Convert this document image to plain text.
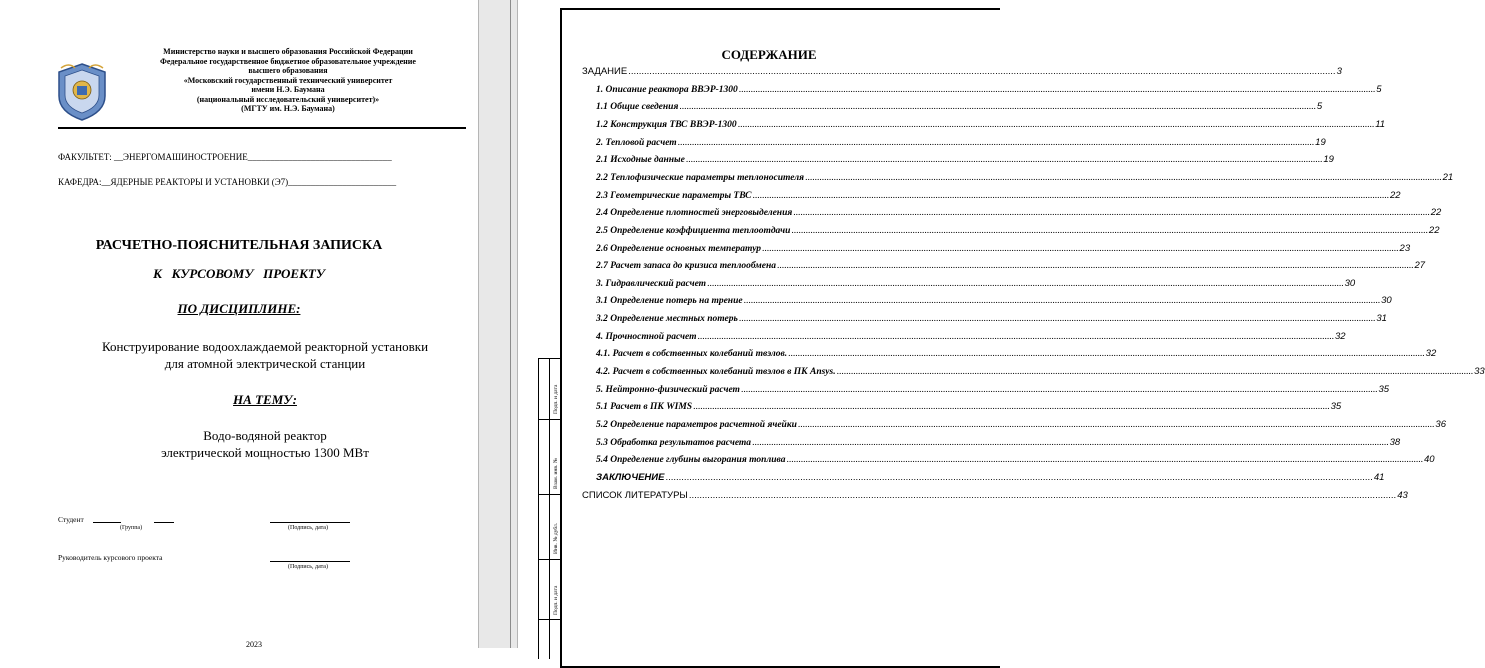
Министерство науки и высшего образования Российской Федерации
Федеральное государственное бюджетное образовательное учреждение
высшего образования
«Московский государственный технический университет
имени Н.Э. Баумана
(национальный исследовательский университет)»
(МГТУ им. Н.Э. Баумана)
ФАКУЛЬТЕТ: __ЭНЕРГОМАШИНОСТРОЕНИЕ________________________________
КАФЕДРА:__ЯДЕРНЫЕ РЕАКТОРЫ И УСТАНОВКИ (Э7)________________________
РАСЧЕТНО-ПОЯСНИТЕЛЬНАЯ ЗАПИСКА
К   КУРСОВОМУ   ПРОЕКТУ
ПО ДИСЦИПЛИНЕ:
Конструирование водоохлаждаемой реакторной установки
для атомной электрической станции
НА ТЕМУ:
Водо-водяной реактор
электрической мощностью 1300 МВт
Студент
(Группа)	(Подпись, дата)
Руководитель курсового проекта
(Подпись, дата)
2023
Подп. и дата
Взам. инв. №
Инв. № дубл.
Подп. и дата
СОДЕРЖАНИЕ
ЗАДАНИЕ .....	3
1. Описание реактора ВВЭР-1300 .....	5
1.1 Общие сведения .....	5
1.2 Конструкция ТВС ВВЭР-1300 .....	11
2. Тепловой расчет .....	19
2.1 Исходные данные .....	19
2.2 Теплофизические параметры теплоносителя .....	21
2.3 Геометрические параметры ТВС .....	22
2.4 Определение плотностей энерговыделения .....	22
2.5 Определение коэффициента теплоотдачи .....	22
2.6 Определение основных температур .....	23
2.7 Расчет запаса до кризиса теплообмена .....	27
3. Гидравлический расчет .....	30
3.1 Определение потерь на трение .....	30
3.2 Определение местных потерь .....	31
4. Прочностной расчет .....	32
4.1. Расчет в собственных колебаний твэлов. .....	32
4.2. Расчет в собственных колебаний твэлов в ПК Ansys. .....	33
5. Нейтронно-физический расчет .....	35
5.1 Расчет в ПК WIMS .....	35
5.2 Определение параметров расчетной ячейки .....	36
5.3 Обработка результатов расчета .....	38
5.4 Определение глубины выгорания топлива .....	40
ЗАКЛЮЧЕНИЕ .....	41
СПИСОК ЛИТЕРАТУРЫ .....	43
